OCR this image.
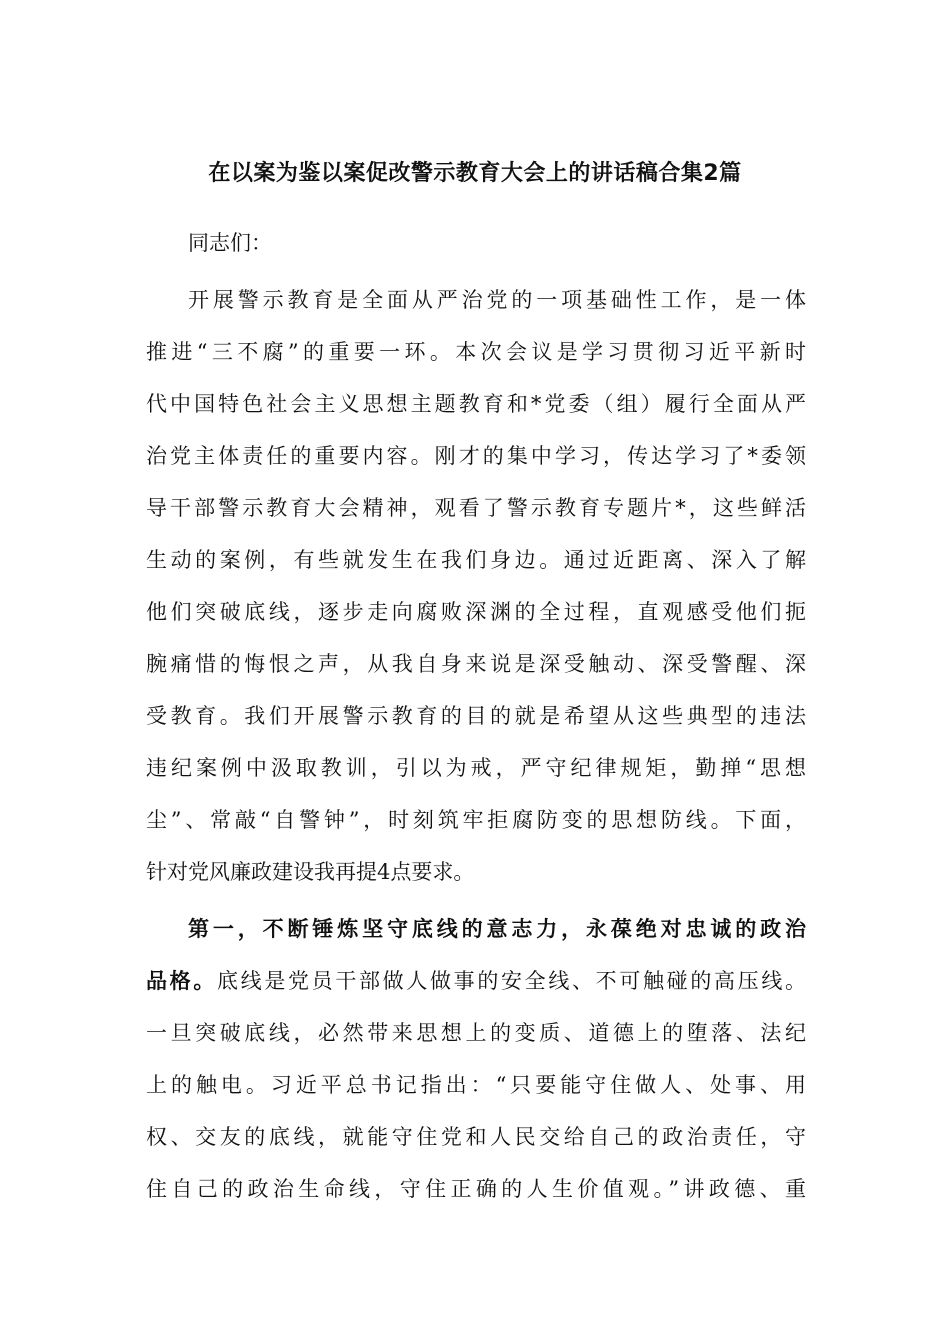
在以案为鉴以案促改警示教育大会上的讲话稿合集2篇

同志们：

开展警示教育是全面从严治党的一项基础性工作，是一体

推进“三不腐”的重要一环。本次会议是学习贯彻习近平新时

代中国特色社会主义思想主题教育和*党委（组）履行全面从严

治党主体责任的重要内容。刚才的集中学习，传达学习了*委领

导干部警示教育大会精神，观看了警示教育专题片*，这些鲜活

生动的案例，有些就发生在我们身边。通过近距离、深入了解

他们突破底线，逐步走向腐败深渊的全过程，直观感受他们扼

腕痛惜的悔恨之声，从我自身来说是深受触动、深受警醒、深

受教育。我们开展警示教育的目的就是希望从这些典型的违法

违纪案例中汲取教训，引以为戒，严守纪律规矩，勤掸“思想

尘”、常敲“自警钟”，时刻筑牢拒腐防变的思想防线。下面，

针对党风廉政建设我再提4点要求。

第一，不断锤炼坚守底线的意志力，永葆绝对忠诚的政治

品格。底线是党员干部做人做事的安全线、不可触碰的高压线。

一旦突破底线，必然带来思想上的变质、道德上的堕落、法纪

上的触电。习近平总书记指出：“只要能守住做人、处事、用

权、交友的底线，就能守住党和人民交给自己的政治责任，守

住自己的政治生命线，守住正确的人生价值观。”讲政德、重
